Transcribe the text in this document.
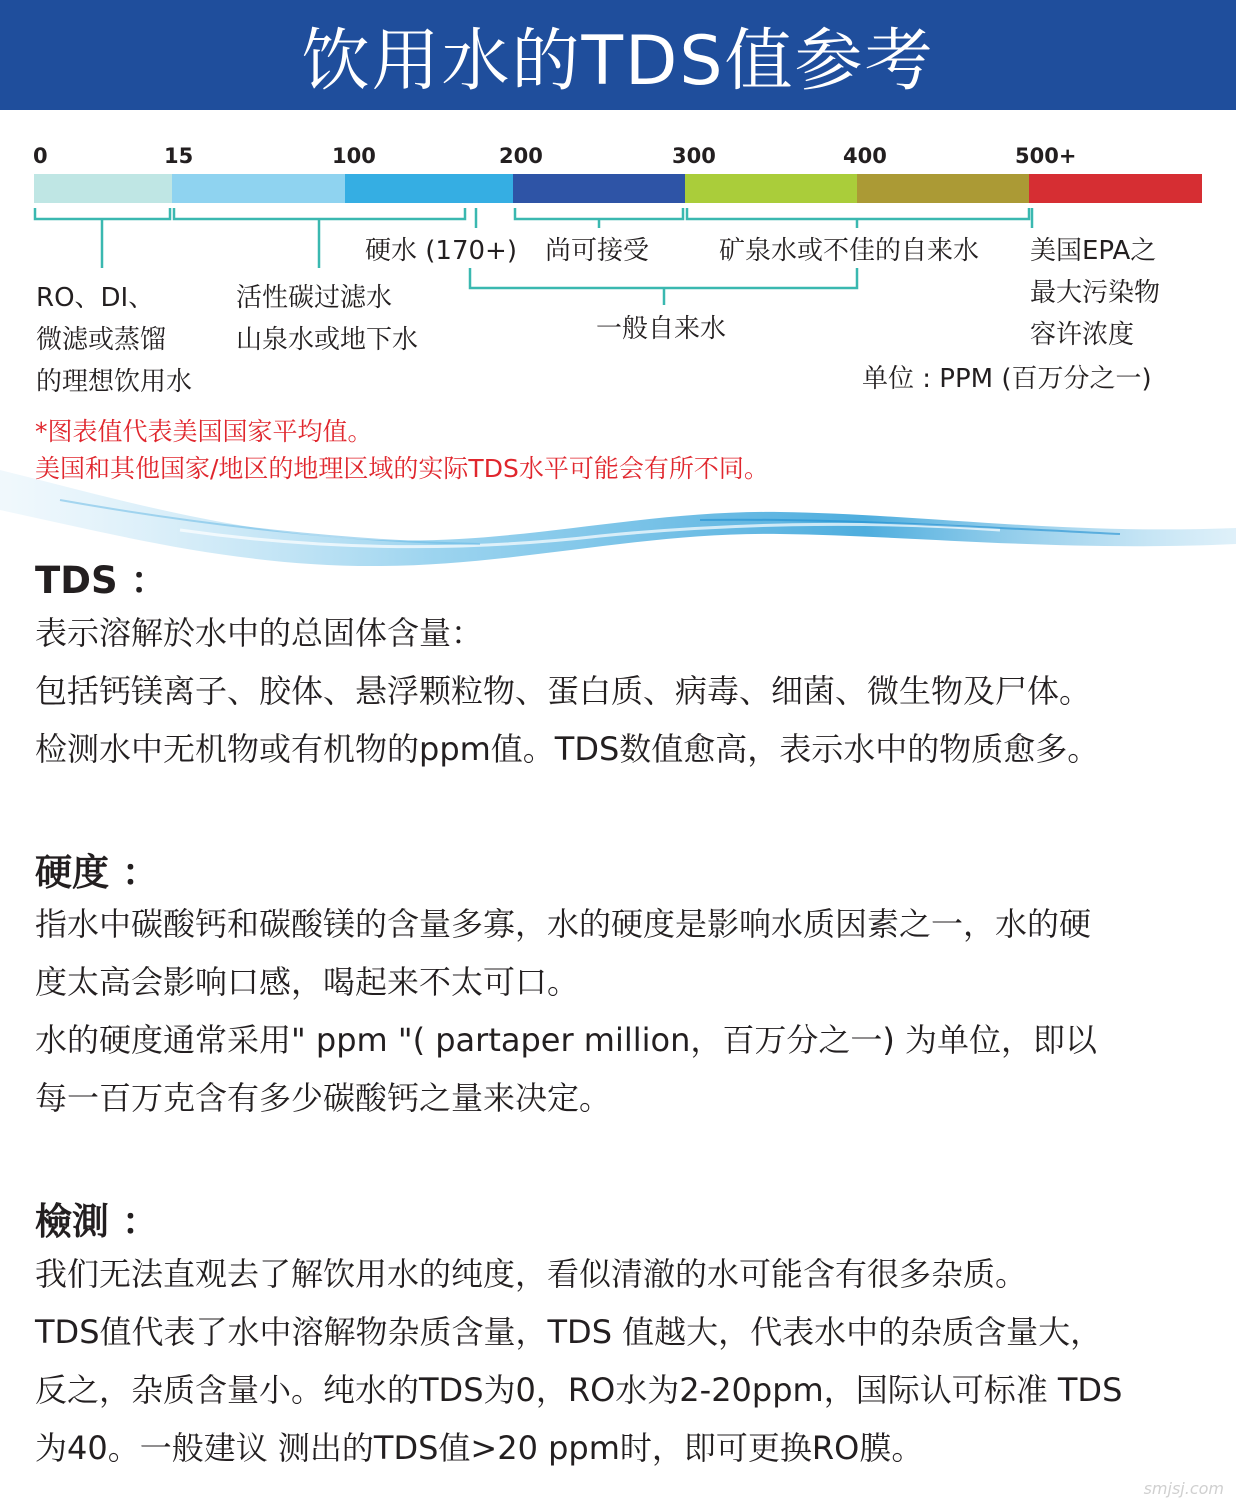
饮用水的TDS值参考
0	15	100	200	300	400	500+
RO、DI、
微滤或蒸馏
的理想饮用水
活性碳过滤水
山泉水或地下水
硬水 (170+) 尚可接受	矿泉水或不佳的自来水 美国EPA之
最大污染物
容许浓度
一般自来水
单位 : PPM (百万分之一)
*图表值代表美国国家平均值。
美国和其他国家/地区的地理区域的实际TDS水平可能会有所不同。
TDS ：
表示溶解於水中的总固体含量：
包括钙镁离子、胶体、悬浮颗粒物、蛋白质、病毒、细菌、微生物及尸体。
检测水中无机物或有机物的ppm值。TDS数值愈高，表示水中的物质愈多。
硬度 ：
指水中碳酸钙和碳酸镁的含量多寡，水的硬度是影响水质因素之一，水的硬
度太高会影响口感，喝起来不太可口。
水的硬度通常采用" ppm "( partaper million，百万分之一) 为单位，即以
每一百万克含有多少碳酸钙之量来决定。
檢測 ：
我们无法直观去了解饮用水的纯度，看似清澈的水可能含有很多杂质。
TDS值代表了水中溶解物杂质含量，TDS 值越大，代表水中的杂质含量大，
反之，杂质含量小。纯水的TDS为0，RO水为2-20ppm，国际认可标准 TDS
为40。一般建议 测出的TDS值>20 ppm时，即可更换RO膜。
smjsj.com
